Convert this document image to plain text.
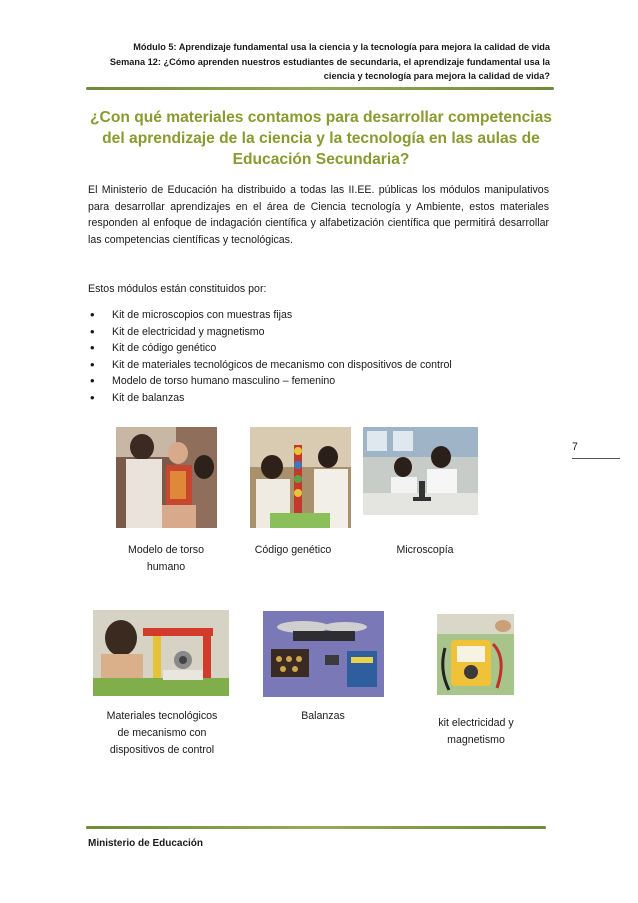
Módulo 5: Aprendizaje fundamental usa la ciencia y la tecnología para mejora la calidad de vida
Semana 12: ¿Cómo aprenden nuestros estudiantes de secundaria, el aprendizaje fundamental usa la
ciencia y tecnología para mejora la calidad de vida?
¿Con qué materiales contamos para desarrollar competencias
del aprendizaje de la ciencia y la tecnología en las aulas de
Educación Secundaria?
El Ministerio de Educación ha distribuido a todas las II.EE. públicas los módulos manipulativos para desarrollar aprendizajes en el área de Ciencia tecnología y Ambiente, estos materiales responden al enfoque de indagación científica y alfabetización científica que permitirá desarrollar las competencias científicas y tecnológicas.
Estos módulos están constituidos por:
• Kit de microscopios con muestras fijas
• Kit de electricidad y magnetismo
• Kit de código genético
• Kit de materiales tecnológicos de mecanismo con dispositivos de control
• Modelo de torso humano masculino – femenino
• Kit de balanzas
7
Modelo de torso
humano
Código genético	Microscopía
Materiales tecnológicos
de mecanismo con
dispositivos de control
Balanzas
kit electricidad y
magnetismo
Ministerio de Educación
